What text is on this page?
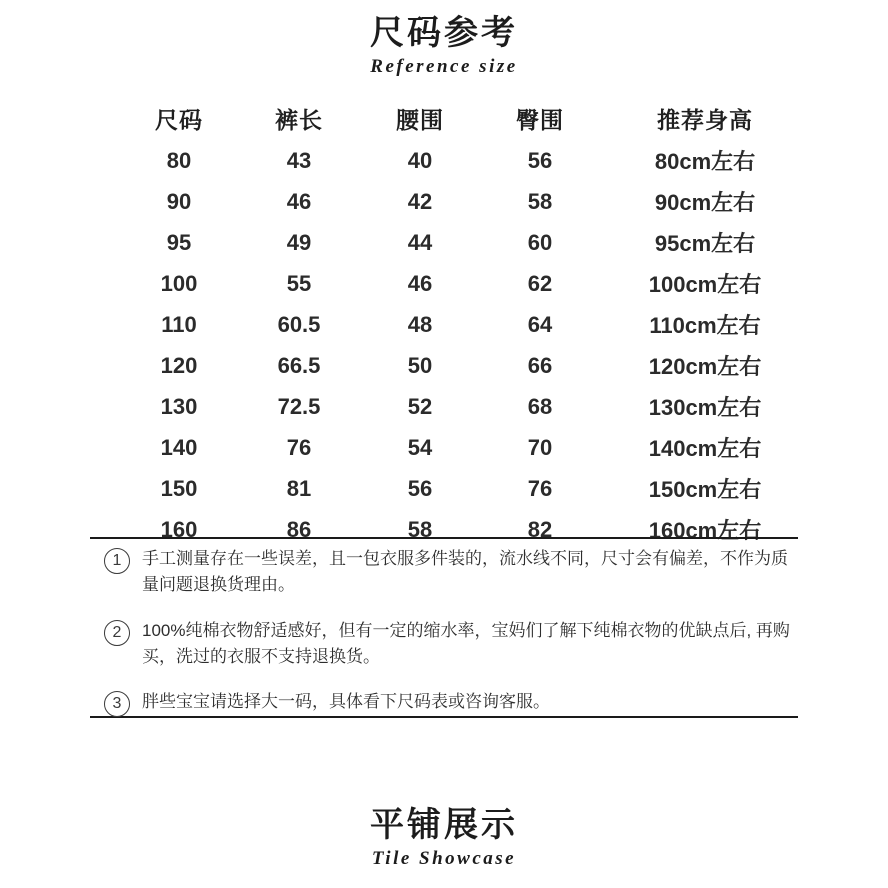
尺码参考
Reference size
尺码	裤长	腰围	臀围	推荐身高
80	43	40	56	80cm左右
90	46	42	58	90cm左右
95	49	44	60	95cm左右
100	55	46	62	100cm左右
110	60.5	48	64	110cm左右
120	66.5	50	66	120cm左右
130	72.5	52	68	130cm左右
140	76	54	70	140cm左右
150	81	56	76	150cm左右
160	86	58	82	160cm左右
1	手工测量存在一些误差，且一包衣服多件装的，流水线不同，尺寸会有偏差，不作为质量问题退换货理由。
2	100%纯棉衣物舒适感好，但有一定的缩水率，宝妈们了解下纯棉衣物的优缺点后, 再购买，洗过的衣服不支持退换货。
3	胖些宝宝请选择大一码，具体看下尺码表或咨询客服。
平铺展示
Tile Showcase
